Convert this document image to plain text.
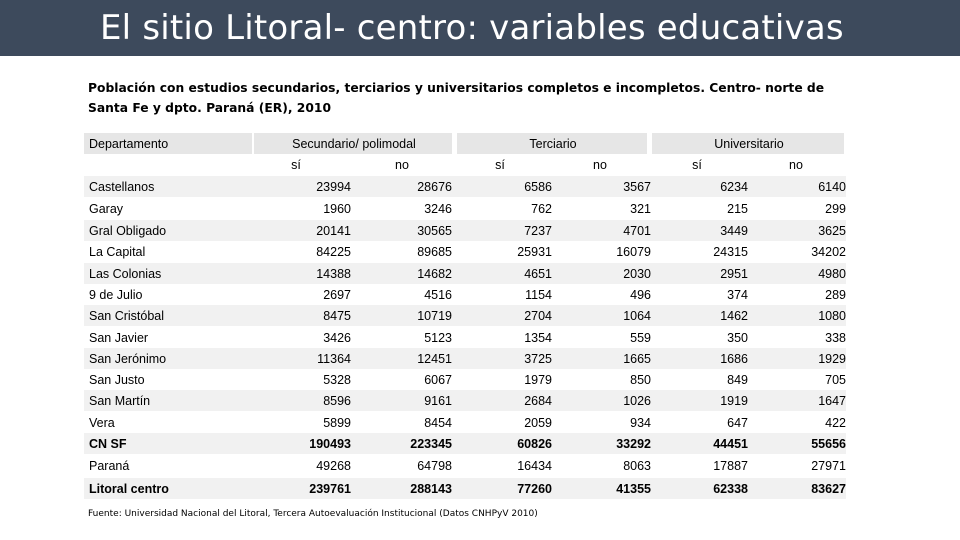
El sitio Litoral- centro: variables educativas
Población con estudios secundarios, terciarios y universitarios completos e incompletos. Centro- norte de Santa Fe y dpto. Paraná (ER), 2010
Departamento	Secundario/ polimodal	Terciario	Universitario
sí	no	sí	no	sí	no
Castellanos	23994	28676	6586	3567	6234	6140
Garay	1960	3246	762	321	215	299
Gral Obligado	20141	30565	7237	4701	3449	3625
La Capital	84225	89685	25931	16079	24315	34202
Las Colonias	14388	14682	4651	2030	2951	4980
9 de Julio	2697	4516	1154	496	374	289
San Cristóbal	8475	10719	2704	1064	1462	1080
San Javier	3426	5123	1354	559	350	338
San Jerónimo	11364	12451	3725	1665	1686	1929
San Justo	5328	6067	1979	850	849	705
San Martín	8596	9161	2684	1026	1919	1647
Vera	5899	8454	2059	934	647	422
CN SF	190493	223345	60826	33292	44451	55656
Paraná	49268	64798	16434	8063	17887	27971
Litoral centro	239761	288143	77260	41355	62338	83627
Fuente: Universidad Nacional del Litoral, Tercera Autoevaluación Institucional (Datos CNHPyV 2010)
